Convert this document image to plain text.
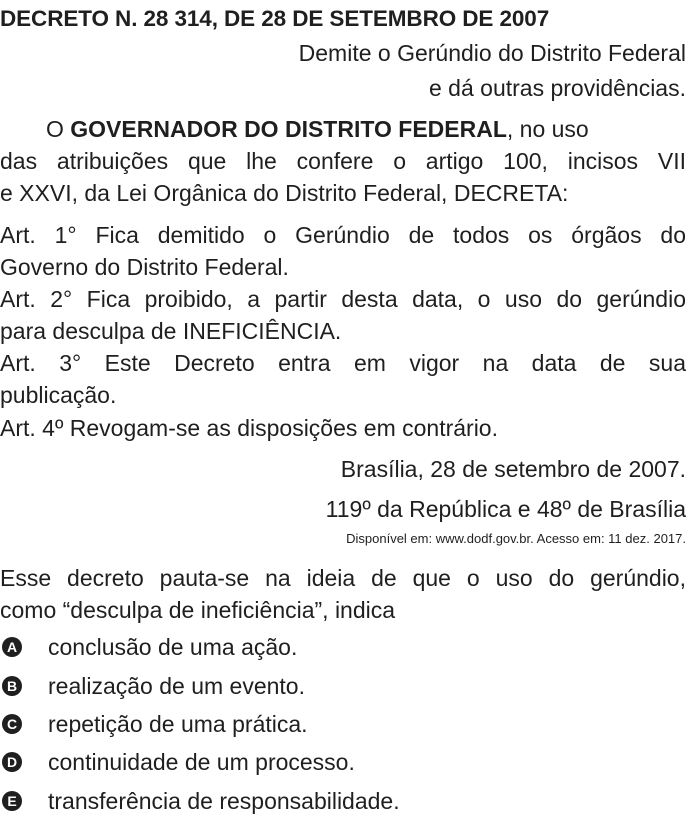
DECRETO N. 28 314, DE 28 DE SETEMBRO DE 2007
Demite o Gerúndio do Distrito Federal
e dá outras providências.
O GOVERNADOR DO DISTRITO FEDERAL, no uso
das atribuições que lhe confere o artigo 100, incisos VII
e XXVI, da Lei Orgânica do Distrito Federal, DECRETA:
Art. 1° Fica demitido o Gerúndio de todos os órgãos do
Governo do Distrito Federal.
Art. 2° Fica proibido, a partir desta data, o uso do gerúndio
para desculpa de INEFICIÊNCIA.
Art. 3° Este Decreto entra em vigor na data de sua
publicação.
Art. 4º Revogam-se as disposições em contrário.
Brasília, 28 de setembro de 2007.
119º da República e 48º de Brasília
Disponível em: www.dodf.gov.br. Acesso em: 11 dez. 2017.
Esse decreto pauta-se na ideia de que o uso do gerúndio,
como “desculpa de ineficiência”, indica
A conclusão de uma ação.
B realização de um evento.
C repetição de uma prática.
D continuidade de um processo.
E transferência de responsabilidade.
